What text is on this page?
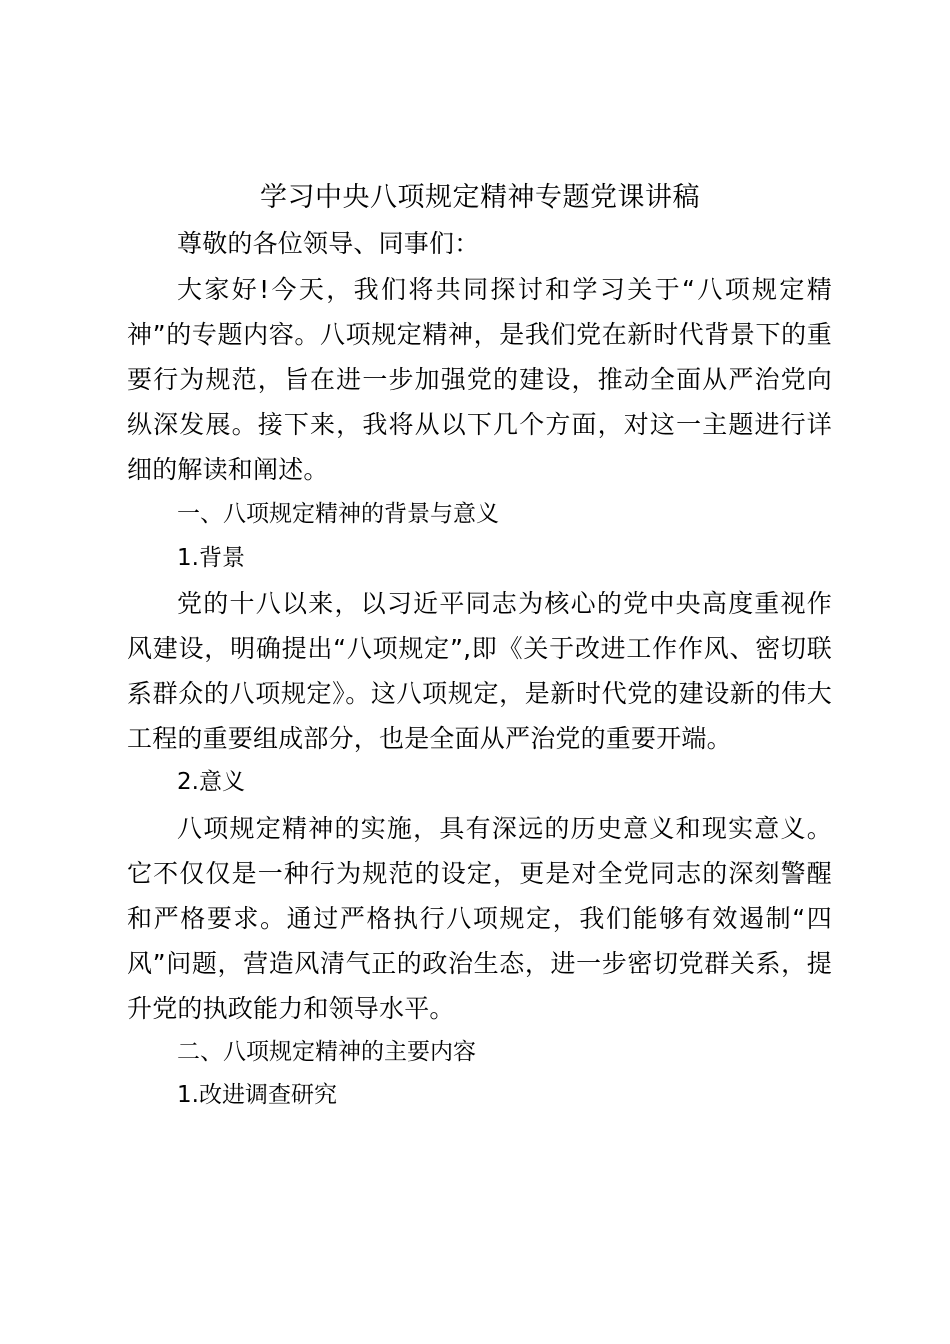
学习中央八项规定精神专题党课讲稿

尊敬的各位领导、同事们：

大家好!今天，我们将共同探讨和学习关于“八项规定精神”的专题内容。八项规定精神，是我们党在新时代背景下的重要行为规范，旨在进一步加强党的建设，推动全面从严治党向纵深发展。接下来，我将从以下几个方面，对这一主题进行详细的解读和阐述。

一、八项规定精神的背景与意义

1.背景

党的十八以来，以习近平同志为核心的党中央高度重视作风建设，明确提出“八项规定”,即《关于改进工作作风、密切联系群众的八项规定》。这八项规定，是新时代党的建设新的伟大工程的重要组成部分，也是全面从严治党的重要开端。

2.意义

八项规定精神的实施，具有深远的历史意义和现实意义。它不仅仅是一种行为规范的设定，更是对全党同志的深刻警醒和严格要求。通过严格执行八项规定，我们能够有效遏制“四风”问题，营造风清气正的政治生态，进一步密切党群关系，提升党的执政能力和领导水平。

二、八项规定精神的主要内容

1.改进调查研究
